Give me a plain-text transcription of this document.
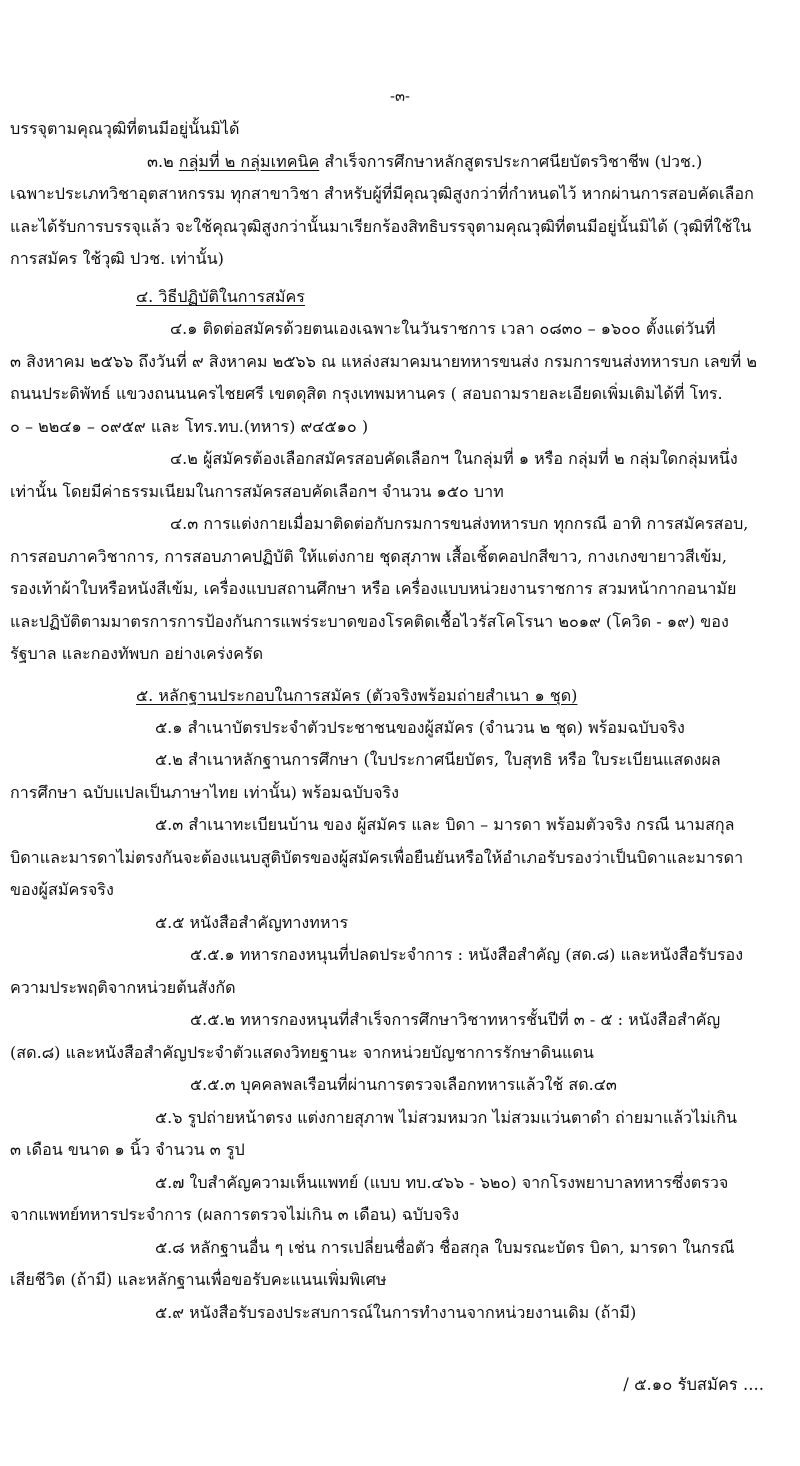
-๓-
บรรจุตามคุณวุฒิที่ตนมีอยู่นั้นมิได้
๓.๒ กลุ่มที่ ๒ กลุ่มเทคนิค สำเร็จการศึกษาหลักสูตรประกาศนียบัตรวิชาชีพ (ปวช.)
เฉพาะประเภทวิชาอุตสาหกรรม ทุกสาขาวิชา สำหรับผู้ที่มีคุณวุฒิสูงกว่าที่กำหนดไว้ หากผ่านการสอบคัดเลือก
และได้รับการบรรจุแล้ว จะใช้คุณวุฒิสูงกว่านั้นมาเรียกร้องสิทธิบรรจุตามคุณวุฒิที่ตนมีอยู่นั้นมิได้ (วุฒิที่ใช้ใน
การสมัคร ใช้วุฒิ ปวช. เท่านั้น)
๔. วิธีปฏิบัติในการสมัคร
๔.๑ ติดต่อสมัครด้วยตนเองเฉพาะในวันราชการ เวลา ๐๘๓๐ – ๑๖๐๐ ตั้งแต่วันที่
๓ สิงหาคม ๒๕๖๖ ถึงวันที่ ๙ สิงหาคม ๒๕๖๖ ณ แหล่งสมาคมนายทหารขนส่ง กรมการขนส่งทหารบก เลขที่ ๒
ถนนประดิพัทธ์ แขวงถนนนครไชยศรี เขตดุสิต กรุงเทพมหานคร ( สอบถามรายละเอียดเพิ่มเติมได้ที่ โทร.
๐ – ๒๒๔๑ – ๐๙๕๙ และ โทร.ทบ.(ทหาร) ๙๔๕๑๐ )
๔.๒ ผู้สมัครต้องเลือกสมัครสอบคัดเลือกฯ ในกลุ่มที่ ๑ หรือ กลุ่มที่ ๒ กลุ่มใดกลุ่มหนึ่ง
เท่านั้น โดยมีค่าธรรมเนียมในการสมัครสอบคัดเลือกฯ จำนวน ๑๕๐ บาท
๔.๓ การแต่งกายเมื่อมาติดต่อกับกรมการขนส่งทหารบก ทุกกรณี อาทิ การสมัครสอบ,
การสอบภาควิชาการ, การสอบภาคปฏิบัติ ให้แต่งกาย ชุดสุภาพ เสื้อเชิ้ตคอปกสีขาว, กางเกงขายาวสีเข้ม,
รองเท้าผ้าใบหรือหนังสีเข้ม, เครื่องแบบสถานศึกษา หรือ เครื่องแบบหน่วยงานราชการ สวมหน้ากากอนามัย
และปฏิบัติตามมาตรการการป้องกันการแพร่ระบาดของโรคติดเชื้อไวรัสโคโรนา ๒๐๑๙ (โควิด - ๑๙) ของ
รัฐบาล และกองทัพบก อย่างเคร่งครัด
๕. หลักฐานประกอบในการสมัคร (ตัวจริงพร้อมถ่ายสำเนา ๑ ชุด)
๕.๑ สำเนาบัตรประจำตัวประชาชนของผู้สมัคร (จำนวน ๒ ชุด) พร้อมฉบับจริง
๕.๒ สำเนาหลักฐานการศึกษา (ใบประกาศนียบัตร, ใบสุทธิ หรือ ใบระเบียนแสดงผล
การศึกษา ฉบับแปลเป็นภาษาไทย เท่านั้น) พร้อมฉบับจริง
๕.๓ สำเนาทะเบียนบ้าน ของ ผู้สมัคร และ บิดา – มารดา พร้อมตัวจริง กรณี นามสกุล
บิดาและมารดาไม่ตรงกันจะต้องแนบสูติบัตรของผู้สมัครเพื่อยืนยันหรือให้อำเภอรับรองว่าเป็นบิดาและมารดา
ของผู้สมัครจริง
๕.๕ หนังสือสำคัญทางทหาร
๕.๕.๑ ทหารกองหนุนที่ปลดประจำการ : หนังสือสำคัญ (สด.๘) และหนังสือรับรอง
ความประพฤติจากหน่วยต้นสังกัด
๕.๕.๒ ทหารกองหนุนที่สำเร็จการศึกษาวิชาทหารชั้นปีที่ ๓ - ๕ : หนังสือสำคัญ
(สด.๘) และหนังสือสำคัญประจำตัวแสดงวิทยฐานะ จากหน่วยบัญชาการรักษาดินแดน
๕.๕.๓ บุคคลพลเรือนที่ผ่านการตรวจเลือกทหารแล้วใช้ สด.๔๓
๕.๖ รูปถ่ายหน้าตรง แต่งกายสุภาพ ไม่สวมหมวก ไม่สวมแว่นตาดำ ถ่ายมาแล้วไม่เกิน
๓ เดือน ขนาด ๑ นิ้ว จำนวน ๓ รูป
๕.๗ ใบสำคัญความเห็นแพทย์ (แบบ ทบ.๔๖๖ - ๖๒๐) จากโรงพยาบาลทหารซึ่งตรวจ
จากแพทย์ทหารประจำการ (ผลการตรวจไม่เกิน ๓ เดือน) ฉบับจริง
๕.๘ หลักฐานอื่น ๆ เช่น การเปลี่ยนชื่อตัว ชื่อสกุล ใบมรณะบัตร บิดา, มารดา ในกรณี
เสียชีวิต (ถ้ามี) และหลักฐานเพื่อขอรับคะแนนเพิ่มพิเศษ
๕.๙ หนังสือรับรองประสบการณ์ในการทำงานจากหน่วยงานเดิม (ถ้ามี)
/ ๕.๑๐ รับสมัคร ....
